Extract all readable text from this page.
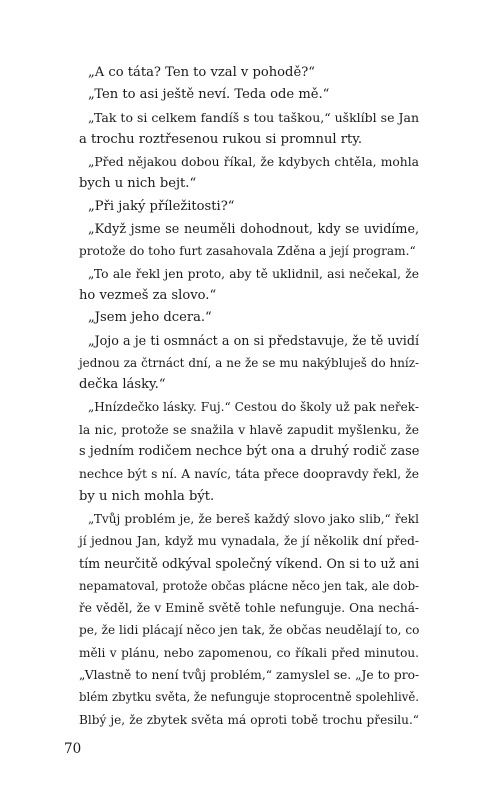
„A co táta? Ten to vzal v pohodě?“
„Ten to asi ještě neví. Teda ode mě.“
„Tak to si celkem fandíš s tou taškou,“ ušklíbl se Jan
a trochu roztřesenou rukou si promnul rty.
„Před nějakou dobou říkal, že kdybych chtěla, mohla
bych u nich bejt.“
„Při jaký příležitosti?“
„Když jsme se neuměli dohodnout, kdy se uvidíme,
protože do toho furt zasahovala Zděna a její program.“
„To ale řekl jen proto, aby tě uklidnil, asi nečekal, že
ho vezmeš za slovo.“
„Jsem jeho dcera.“
„Jojo a je ti osmnáct a on si představuje, že tě uvidí
jednou za čtrnáct dní, a ne že se mu nakýbluješ do hníz-
dečka lásky.“
„Hnízdečko lásky. Fuj.“ Cestou do školy už pak neřek-
la nic, protože se snažila v hlavě zapudit myšlenku, že
s jedním rodičem nechce být ona a druhý rodič zase
nechce být s ní. A navíc, táta přece doopravdy řekl, že
by u nich mohla být.
„Tvůj problém je, že bereš každý slovo jako slib,“ řekl
jí jednou Jan, když mu vynadala, že jí několik dní před-
tím neurčitě odkýval společný víkend. On si to už ani
nepamatoval, protože občas plácne něco jen tak, ale dob-
ře věděl, že v Emině světě tohle nefunguje. Ona nechá-
pe, že lidi plácají něco jen tak, že občas neudělají to, co
měli v plánu, nebo zapomenou, co říkali před minutou.
„Vlastně to není tvůj problém,“ zamyslel se. „Je to pro-
blém zbytku světa, že nefunguje stoprocentně spolehlivě.
Blbý je, že zbytek světa má oproti tobě trochu přesilu.“
70
